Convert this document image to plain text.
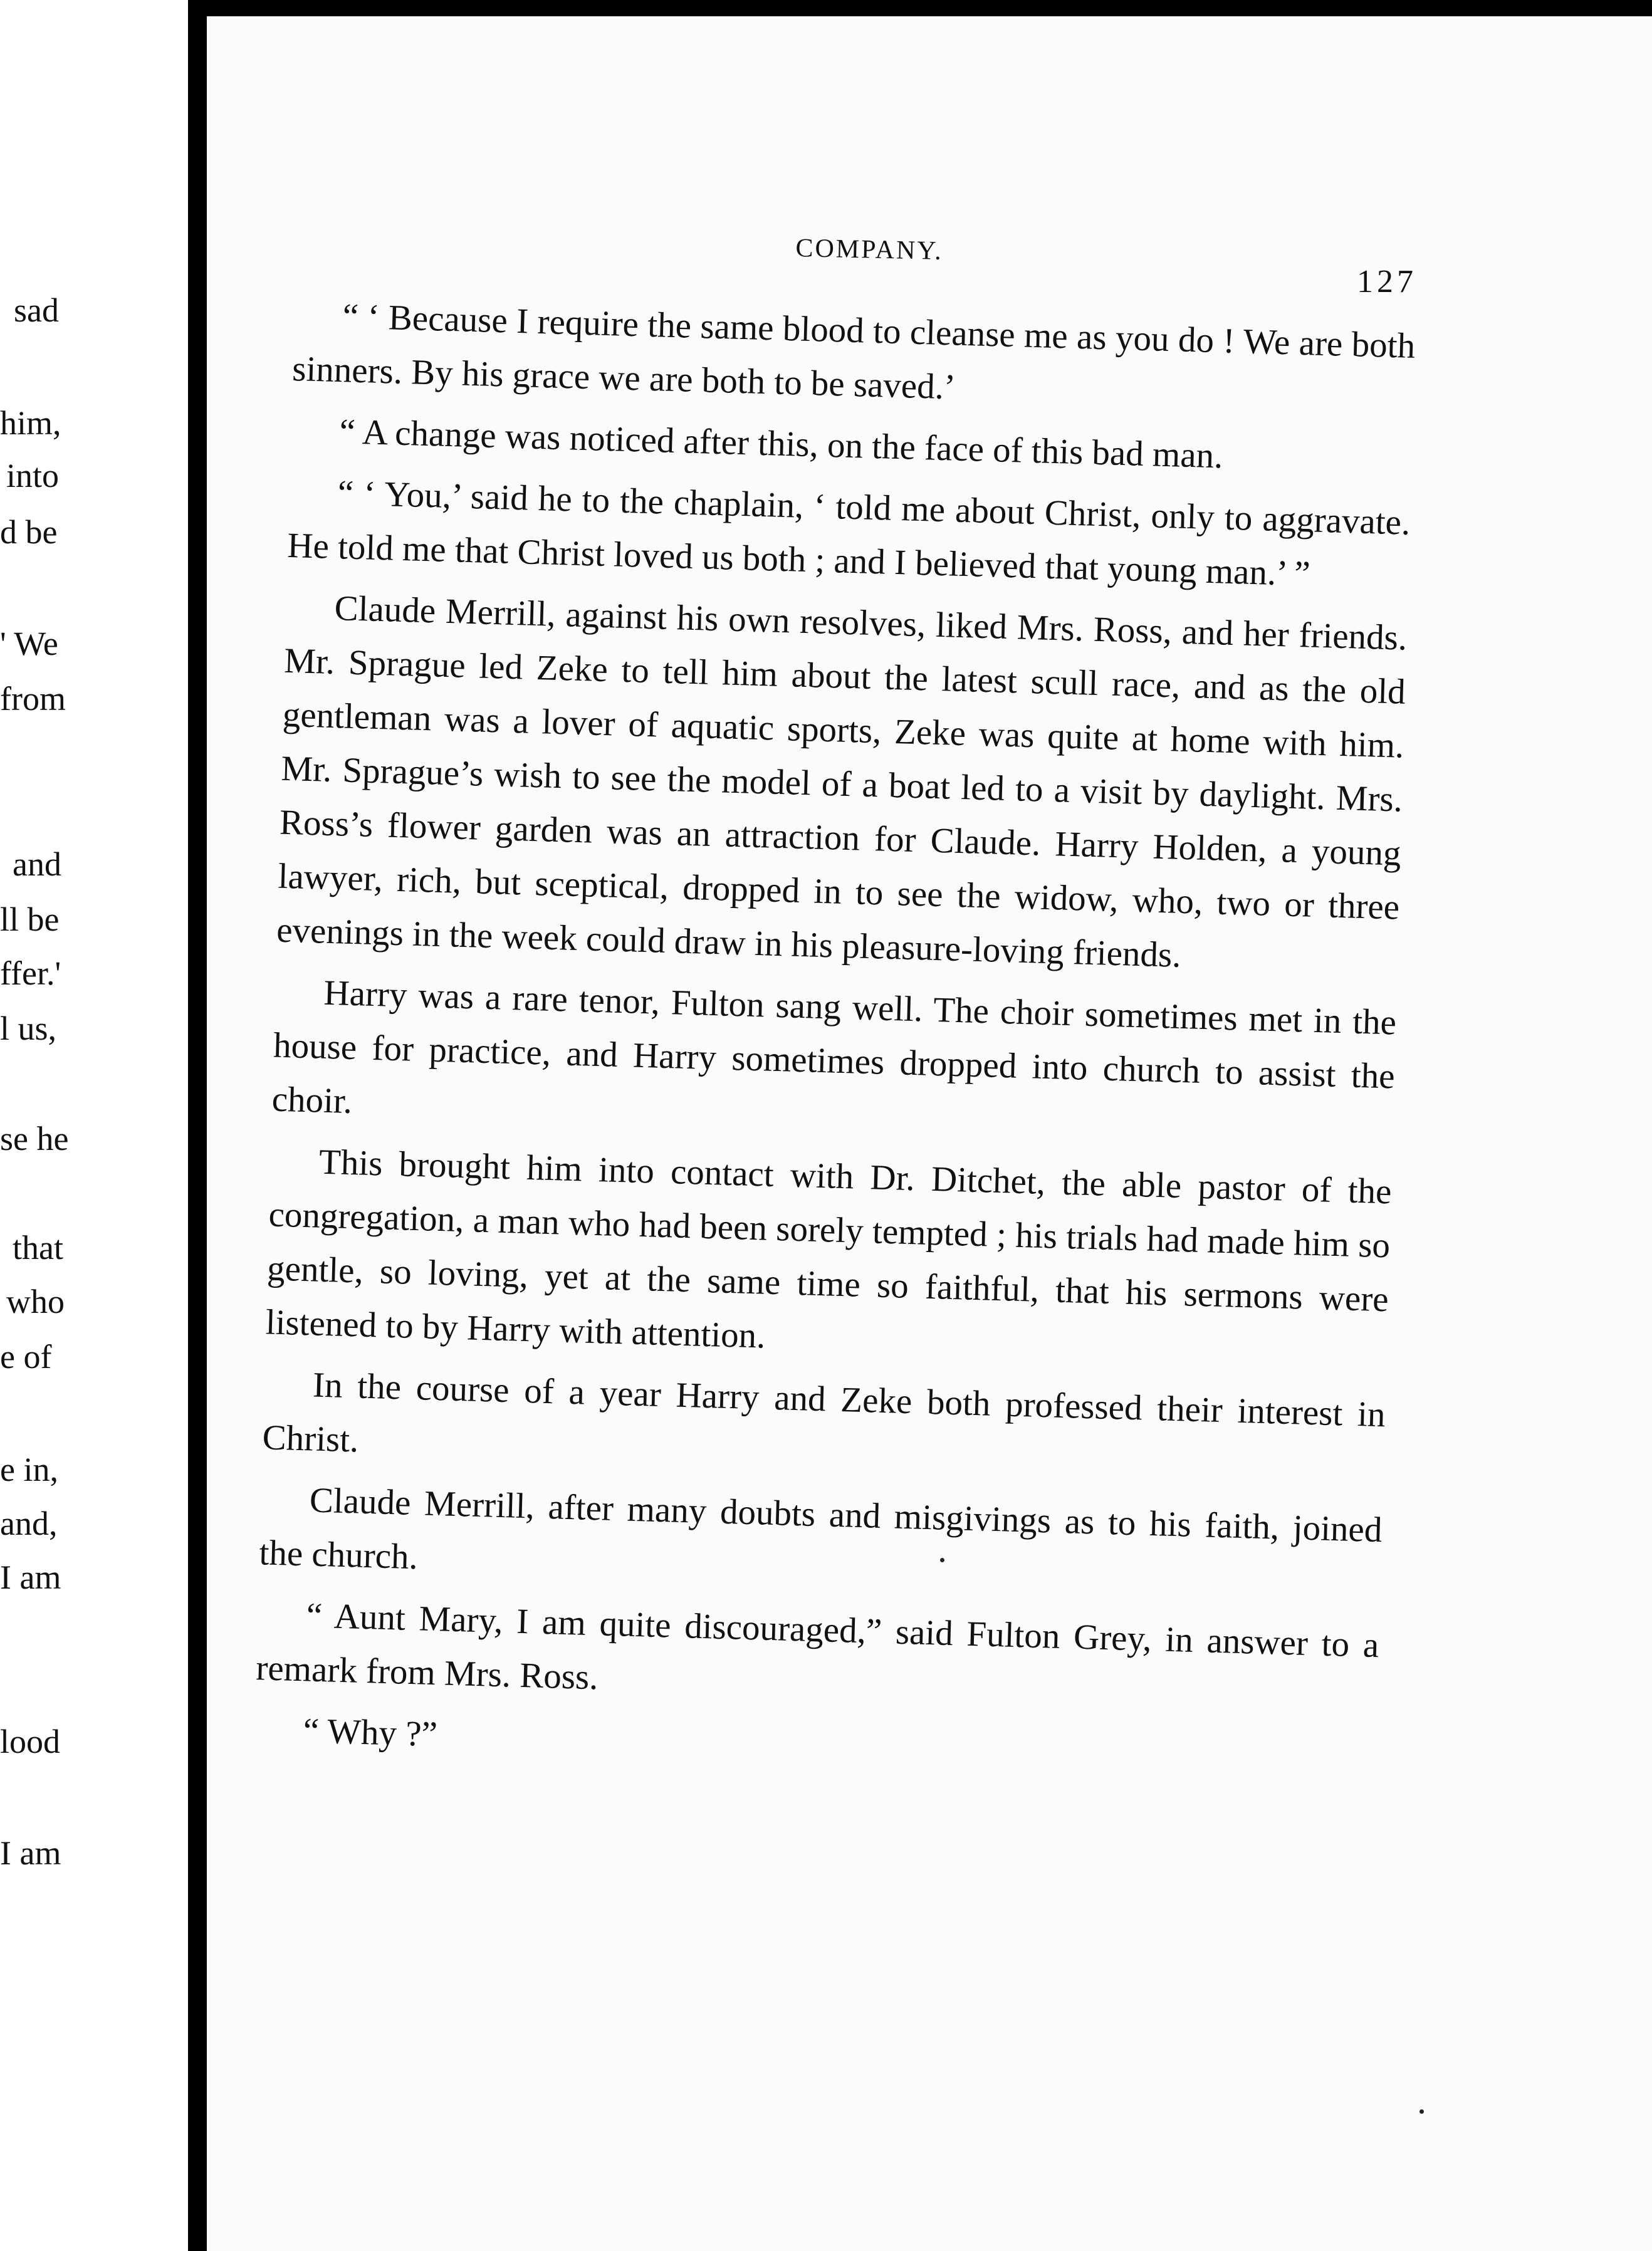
sad
him,
into
d be
' We
from
and
ll be
ffer.'
l us,
se he
that
who
e of
e in,
and,
I am
lood
I am
COMPANY.
127

“ ‘ Because I require the same blood to cleanse me as you do ! We are both sinners. By his grace we are both to be saved.’

“ A change was noticed after this, on the face of this bad man.

“ ‘ You,’ said he to the chaplain, ‘ told me about Christ, only to aggravate. He told me that Christ loved us both ; and I believed that young man.’ ”

Claude Merrill, against his own resolves, liked Mrs. Ross, and her friends. Mr. Sprague led Zeke to tell him about the latest scull race, and as the old gentleman was a lover of aquatic sports, Zeke was quite at home with him. Mr. Sprague’s wish to see the model of a boat led to a visit by daylight. Mrs. Ross’s flower garden was an attraction for Claude. Harry Holden, a young lawyer, rich, but sceptical, dropped in to see the widow, who, two or three evenings in the week could draw in his pleasure-loving friends.

Harry was a rare tenor, Fulton sang well. The choir sometimes met in the house for practice, and Harry sometimes dropped into church to assist the choir.

This brought him into contact with Dr. Ditchet, the able pastor of the congregation, a man who had been sorely tempted ; his trials had made him so gentle, so loving, yet at the same time so faithful, that his sermons were listened to by Harry with attention.

In the course of a year Harry and Zeke both professed their interest in Christ.

Claude Merrill, after many doubts and misgivings as to his faith, joined the church.

“ Aunt Mary, I am quite discouraged,” said Fulton Grey, in answer to a remark from Mrs. Ross.

“ Why ?”
